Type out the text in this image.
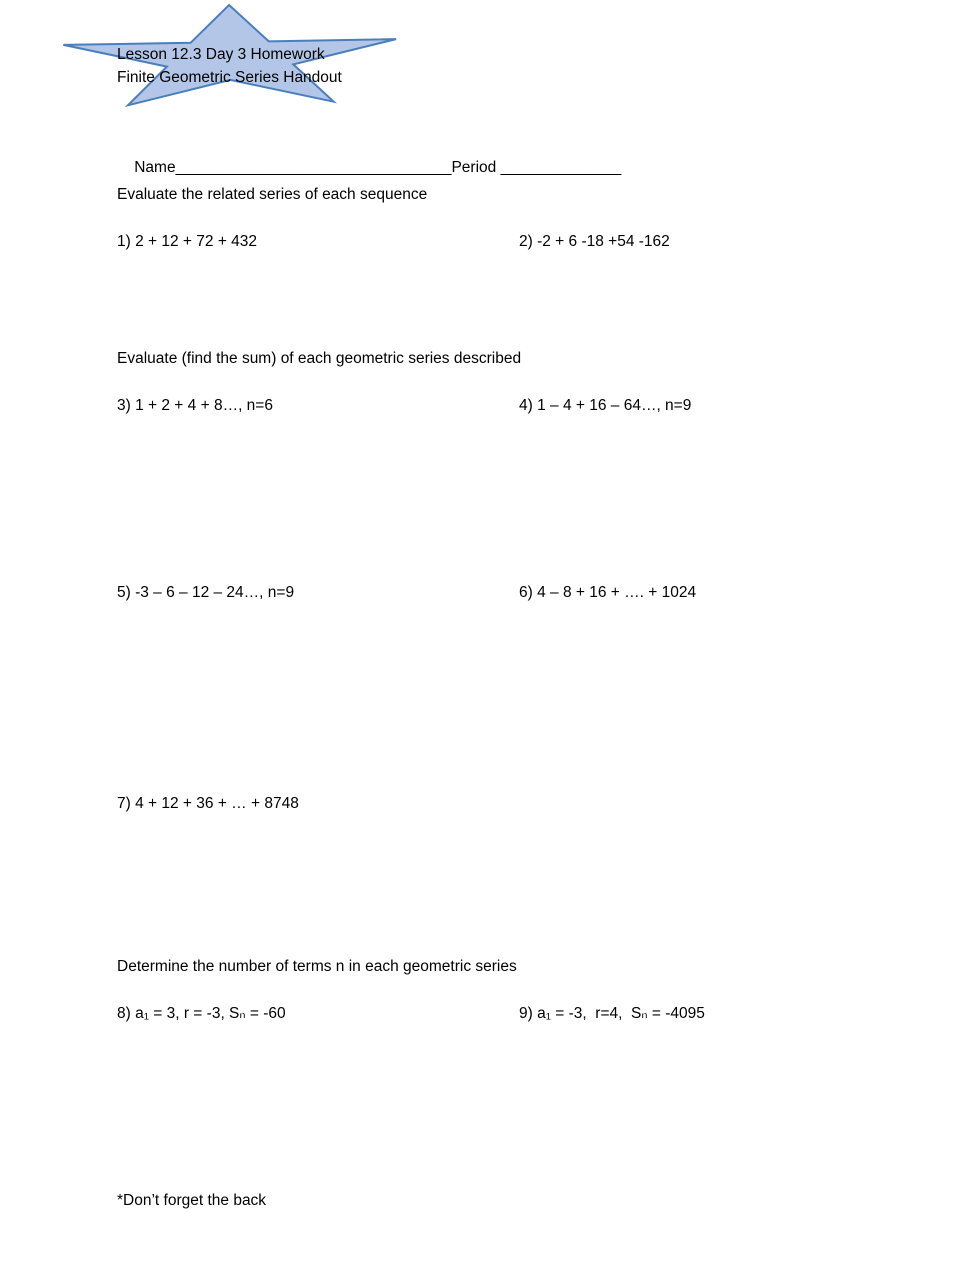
Lesson 12.3 Day 3 Homework
Finite Geometric Series Handout

Name________________________________Period ______________

Evaluate the related series of each sequence
1) 2 + 12 + 72 + 432	2) -2 + 6 -18 +54 -162
Evaluate (find the sum) of each geometric series described
3) 1 + 2 + 4 + 8…, n=6	4) 1 – 4 + 16 – 64…, n=9
5) -3 – 6 – 12 – 24…, n=9	6) 4 – 8 + 16 + …. + 1024
7) 4 + 12 + 36 + … + 8748
Determine the number of terms n in each geometric series
8) a₁ = 3, r = -3, Sₙ = -60	9) a₁ = -3,  r=4,  Sₙ = -4095
*Don’t forget the back
